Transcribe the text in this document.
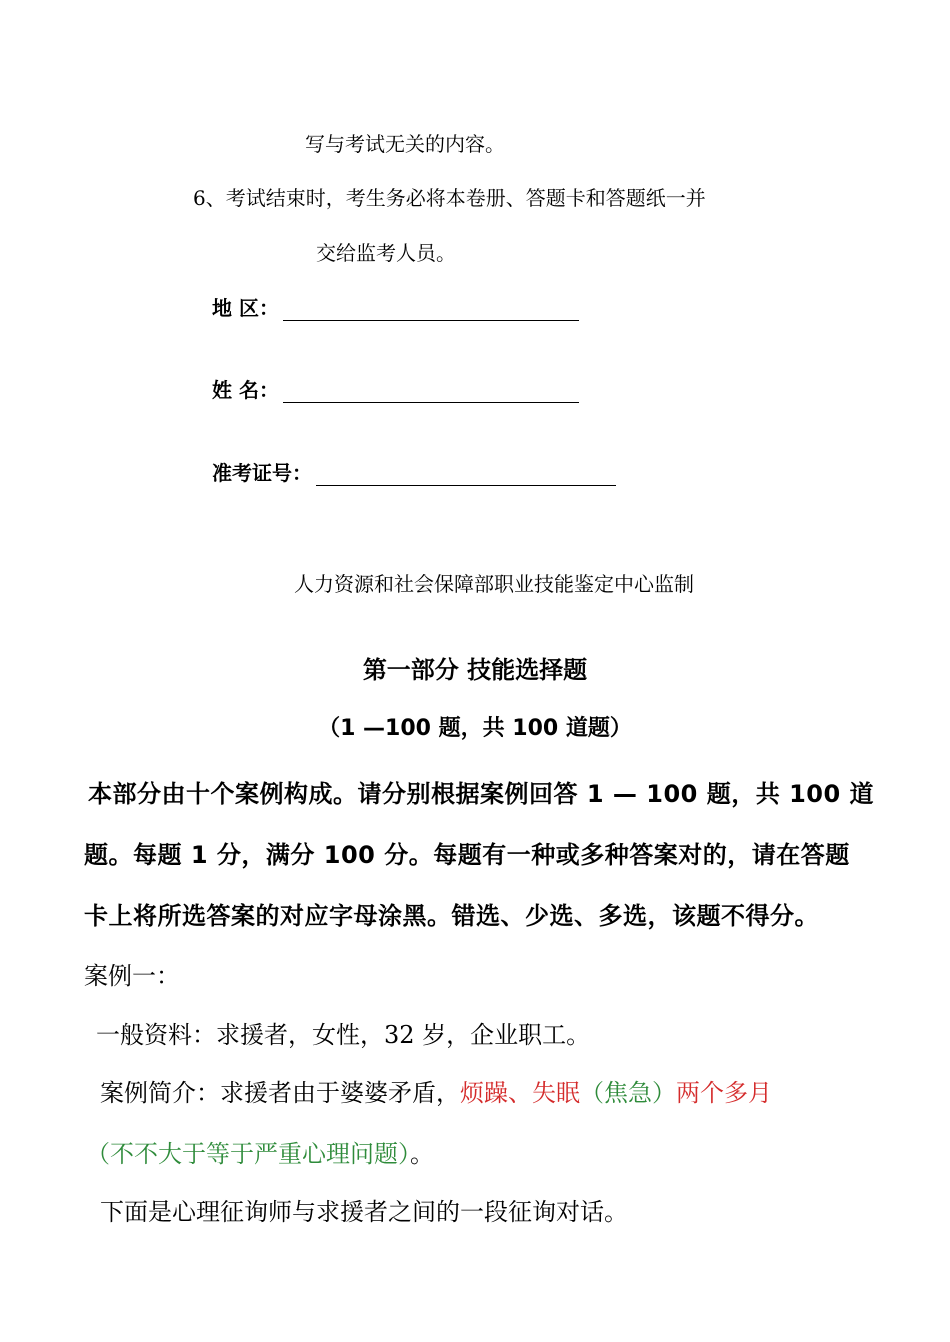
写与考试无关的内容。
6、考试结束时，考生务必将本卷册、答题卡和答题纸一并
交给监考人员。
地 区：
姓 名：
准考证号：
人力资源和社会保障部职业技能鉴定中心监制
第一部分 技能选择题
（1 —100 题，共 100 道题）
本部分由十个案例构成。请分别根据案例回答 1 — 100 题，共 100 道
题。每题 1 分，满分 100 分。每题有一种或多种答案对的，请在答题
卡上将所选答案的对应字母涂黑。错选、少选、多选，该题不得分。
案例一：
一般资料：求援者，女性，32 岁，企业职工。
案例简介：求援者由于婆婆矛盾，烦躁、失眠（焦急）两个多月
（不不大于等于严重心理问题）。
下面是心理征询师与求援者之间的一段征询对话。
